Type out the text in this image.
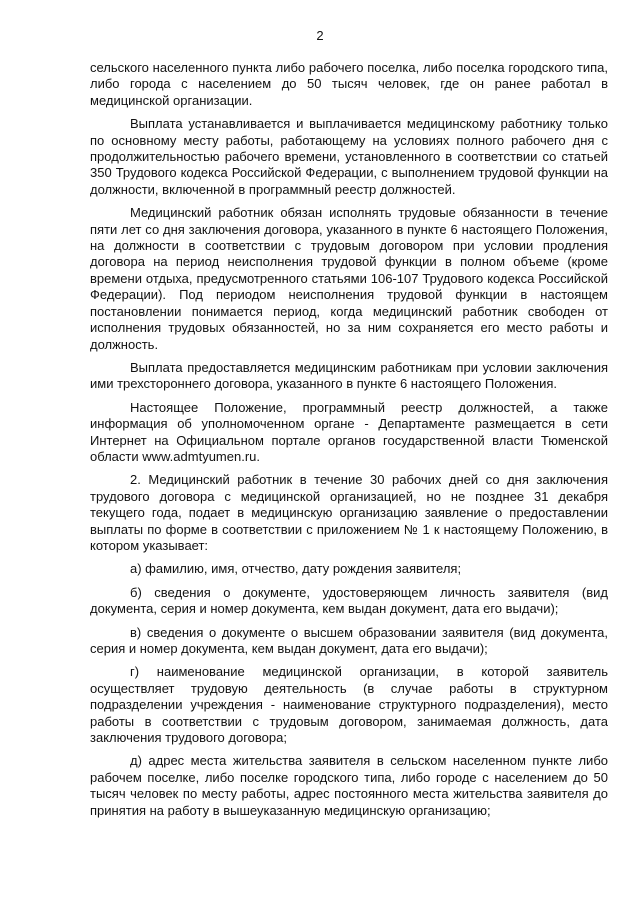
2

сельского населенного пункта либо рабочего поселка, либо поселка городского типа, либо города с населением до 50 тысяч человек, где он ранее работал в медицинской организации.

Выплата устанавливается и выплачивается медицинскому работнику только по основному месту работы, работающему на условиях полного рабочего дня с продолжительностью рабочего времени, установленного в соответствии со статьей 350 Трудового кодекса Российской Федерации, с выполнением трудовой функции на должности, включенной в программный реестр должностей.

Медицинский работник обязан исполнять трудовые обязанности в течение пяти лет со дня заключения договора, указанного в пункте 6 настоящего Положения, на должности в соответствии с трудовым договором при условии продления договора на период неисполнения трудовой функции в полном объеме (кроме времени отдыха, предусмотренного статьями 106-107 Трудового кодекса Российской Федерации). Под периодом неисполнения трудовой функции в настоящем постановлении понимается период, когда медицинский работник свободен от исполнения трудовых обязанностей, но за ним сохраняется его место работы и должность.

Выплата предоставляется медицинским работникам при условии заключения ими трехстороннего договора, указанного в пункте 6 настоящего Положения.

Настоящее Положение, программный реестр должностей, а также информация об уполномоченном органе - Департаменте размещается в сети Интернет на Официальном портале органов государственной власти Тюменской области www.admtyumen.ru.

2. Медицинский работник в течение 30 рабочих дней со дня заключения трудового договора с медицинской организацией, но не позднее 31 декабря текущего года, подает в медицинскую организацию заявление о предоставлении выплаты по форме в соответствии с приложением № 1 к настоящему Положению, в котором указывает:

а) фамилию, имя, отчество, дату рождения заявителя;

б) сведения о документе, удостоверяющем личность заявителя (вид документа, серия и номер документа, кем выдан документ, дата его выдачи);

в) сведения о документе о высшем образовании заявителя (вид документа, серия и номер документа, кем выдан документ, дата его выдачи);

г) наименование медицинской организации, в которой заявитель осуществляет трудовую деятельность (в случае работы в структурном подразделении учреждения - наименование структурного подразделения), место работы в соответствии с трудовым договором, занимаемая должность, дата заключения трудового договора;

д) адрес места жительства заявителя в сельском населенном пункте либо рабочем поселке, либо поселке городского типа, либо городе с населением до 50 тысяч человек по месту работы, адрес постоянного места жительства заявителя до принятия на работу в вышеуказанную медицинскую организацию;
